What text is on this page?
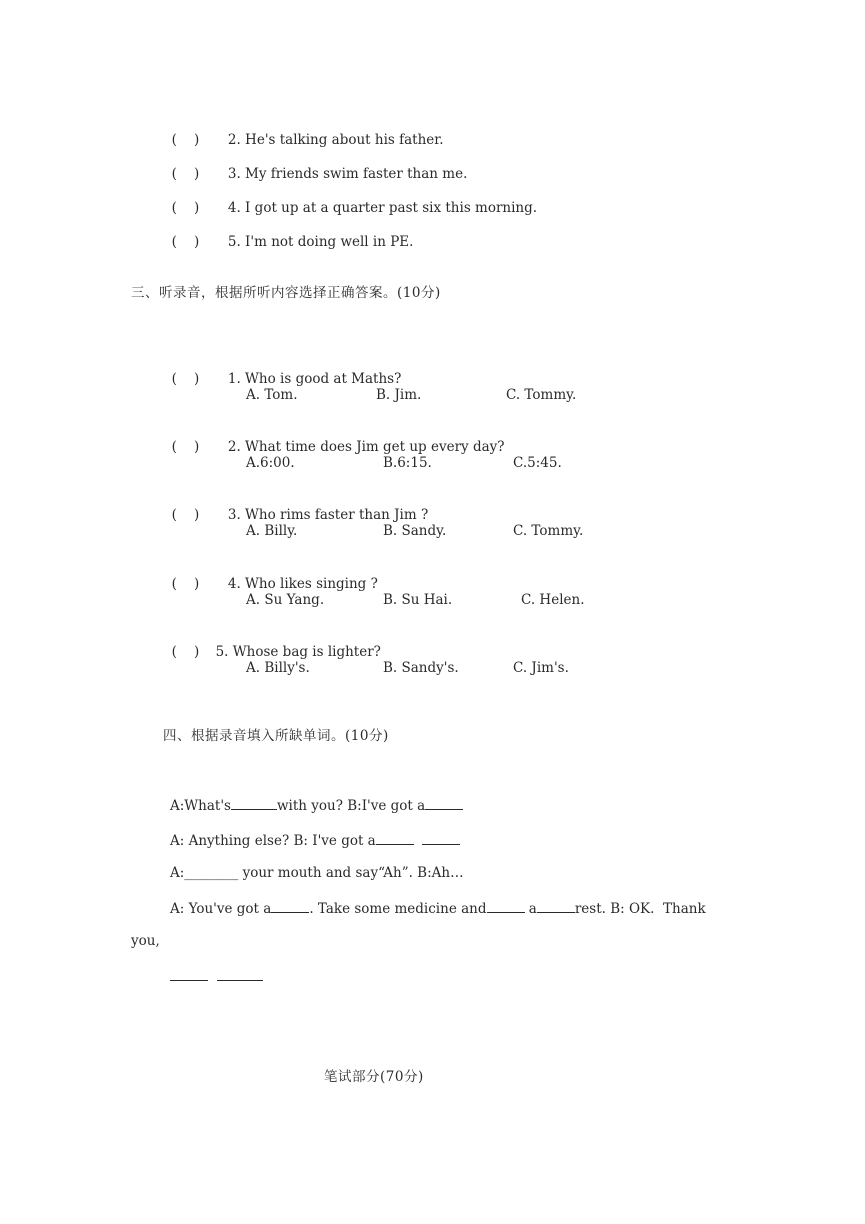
(    ) 2. He's talking about his father.

(    ) 3. My friends swim faster than me.

(    ) 4. I got up at a quarter past six this morning.

(    ) 5. I'm not doing well in PE.

三、听录音，根据所听内容选择正确答案。(10分)

(    ) 1. Who is good at Maths?

A. Tom.	B. Jim.	C. Tommy.

(    ) 2. What time does Jim get up every day?

A.6:00.	B.6:15.	C.5:45.

(    ) 3. Who rims faster than Jim ?

A. Billy.	B. Sandy.	C. Tommy.

(    ) 4. Who likes singing ?

A. Su Yang.	B. Su Hai.	C. Helen.

(    ) 5. Whose bag is lighter?

A. Billy's.	B. Sandy's.	C. Jim's.
四、根据录音填入所缺单词。(10分)
A:What's	with you? B:I've got a
A: Anything else? B: I've got a
A:________ your mouth and say“Ah”. B:Ah…
A: You've got a	. Take some medicine and	a	rest. B: OK.  Thank
you,

笔试部分(70分)
